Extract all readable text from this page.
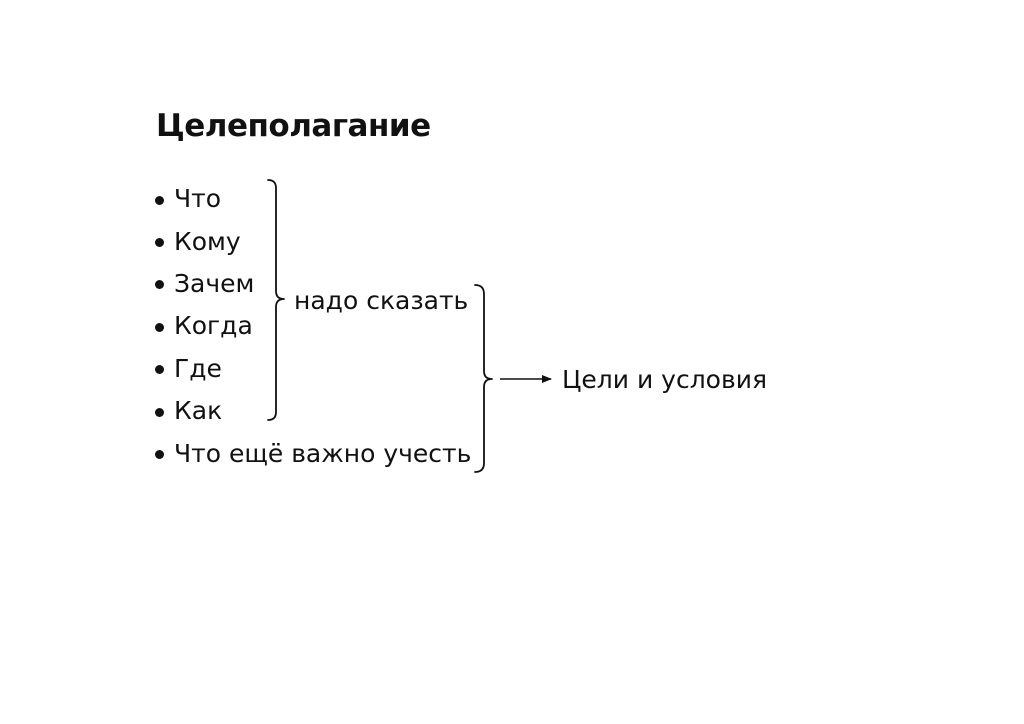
Целеполагание
Что
Кому
Зачем
Когда
Где
Как
Что ещё важно учесть
надо сказать
Цели и условия
